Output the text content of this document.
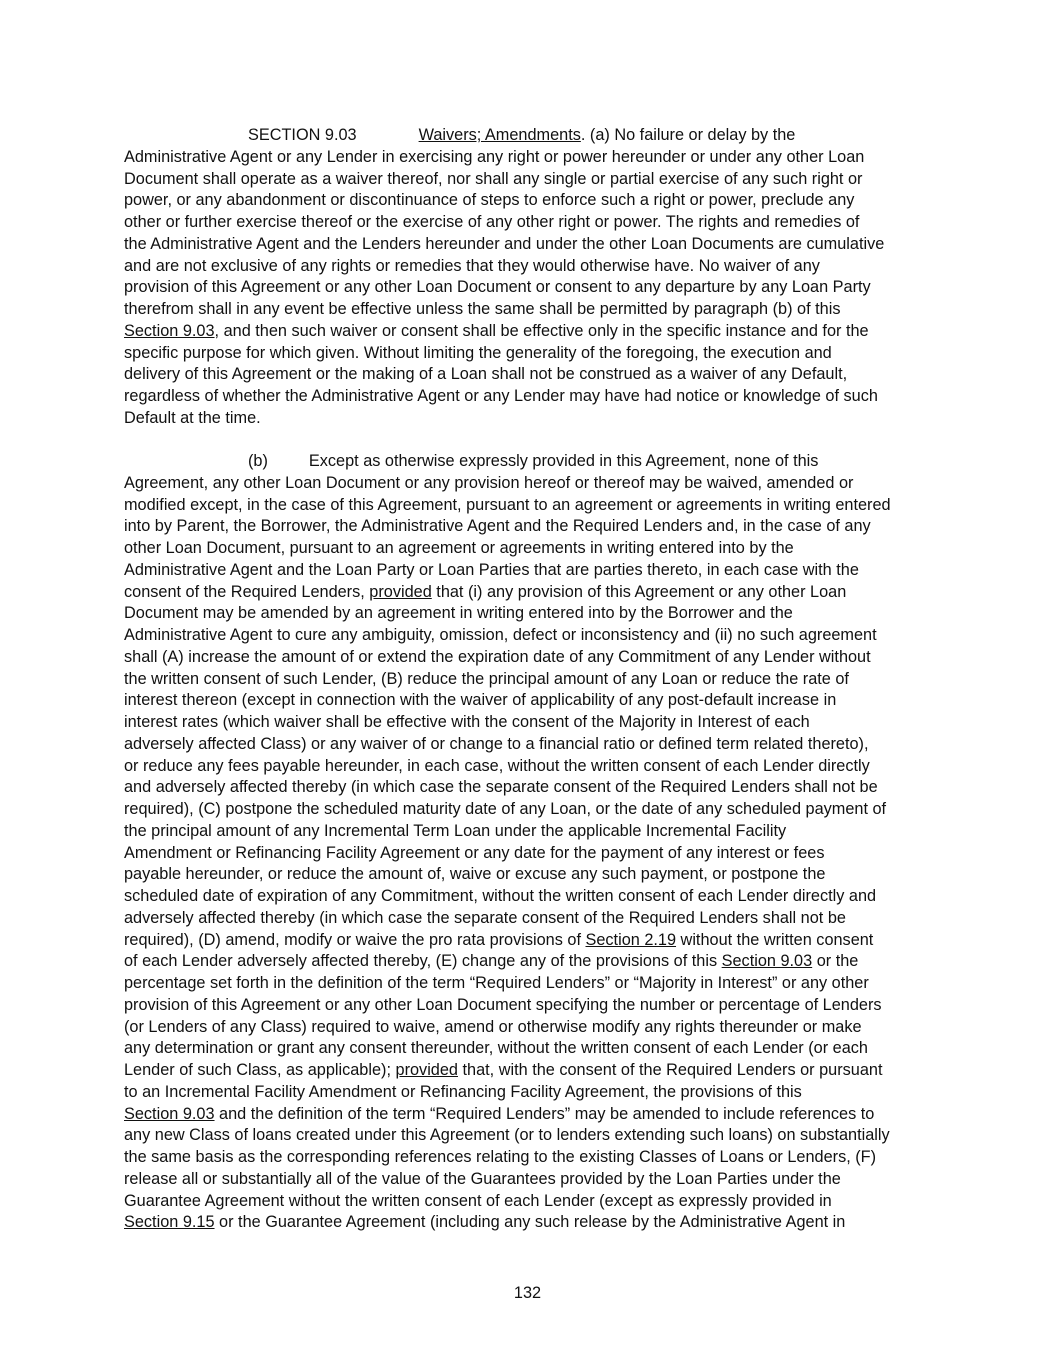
SECTION 9.03	Waivers; Amendments. (a) No failure or delay by the
Administrative Agent or any Lender in exercising any right or power hereunder or under any other Loan
Document shall operate as a waiver thereof, nor shall any single or partial exercise of any such right or
power, or any abandonment or discontinuance of steps to enforce such a right or power, preclude any
other or further exercise thereof or the exercise of any other right or power. The rights and remedies of
the Administrative Agent and the Lenders hereunder and under the other Loan Documents are cumulative
and are not exclusive of any rights or remedies that they would otherwise have. No waiver of any
provision of this Agreement or any other Loan Document or consent to any departure by any Loan Party
therefrom shall in any event be effective unless the same shall be permitted by paragraph (b) of this
Section 9.03, and then such waiver or consent shall be effective only in the specific instance and for the
specific purpose for which given. Without limiting the generality of the foregoing, the execution and
delivery of this Agreement or the making of a Loan shall not be construed as a waiver of any Default,
regardless of whether the Administrative Agent or any Lender may have had notice or knowledge of such
Default at the time.
(b)	Except as otherwise expressly provided in this Agreement, none of this
Agreement, any other Loan Document or any provision hereof or thereof may be waived, amended or
modified except, in the case of this Agreement, pursuant to an agreement or agreements in writing entered
into by Parent, the Borrower, the Administrative Agent and the Required Lenders and, in the case of any
other Loan Document, pursuant to an agreement or agreements in writing entered into by the
Administrative Agent and the Loan Party or Loan Parties that are parties thereto, in each case with the
consent of the Required Lenders, provided that (i) any provision of this Agreement or any other Loan
Document may be amended by an agreement in writing entered into by the Borrower and the
Administrative Agent to cure any ambiguity, omission, defect or inconsistency and (ii) no such agreement
shall (A) increase the amount of or extend the expiration date of any Commitment of any Lender without
the written consent of such Lender, (B) reduce the principal amount of any Loan or reduce the rate of
interest thereon (except in connection with the waiver of applicability of any post-default increase in
interest rates (which waiver shall be effective with the consent of the Majority in Interest of each
adversely affected Class) or any waiver of or change to a financial ratio or defined term related thereto),
or reduce any fees payable hereunder, in each case, without the written consent of each Lender directly
and adversely affected thereby (in which case the separate consent of the Required Lenders shall not be
required), (C) postpone the scheduled maturity date of any Loan, or the date of any scheduled payment of
the principal amount of any Incremental Term Loan under the applicable Incremental Facility
Amendment or Refinancing Facility Agreement or any date for the payment of any interest or fees
payable hereunder, or reduce the amount of, waive or excuse any such payment, or postpone the
scheduled date of expiration of any Commitment, without the written consent of each Lender directly and
adversely affected thereby (in which case the separate consent of the Required Lenders shall not be
required), (D) amend, modify or waive the pro rata provisions of Section 2.19 without the written consent
of each Lender adversely affected thereby, (E) change any of the provisions of this Section 9.03 or the
percentage set forth in the definition of the term “Required Lenders” or “Majority in Interest” or any other
provision of this Agreement or any other Loan Document specifying the number or percentage of Lenders
(or Lenders of any Class) required to waive, amend or otherwise modify any rights thereunder or make
any determination or grant any consent thereunder, without the written consent of each Lender (or each
Lender of such Class, as applicable); provided that, with the consent of the Required Lenders or pursuant
to an Incremental Facility Amendment or Refinancing Facility Agreement, the provisions of this
Section 9.03 and the definition of the term “Required Lenders” may be amended to include references to
any new Class of loans created under this Agreement (or to lenders extending such loans) on substantially
the same basis as the corresponding references relating to the existing Classes of Loans or Lenders, (F)
release all or substantially all of the value of the Guarantees provided by the Loan Parties under the
Guarantee Agreement without the written consent of each Lender (except as expressly provided in
Section 9.15 or the Guarantee Agreement (including any such release by the Administrative Agent in
132
